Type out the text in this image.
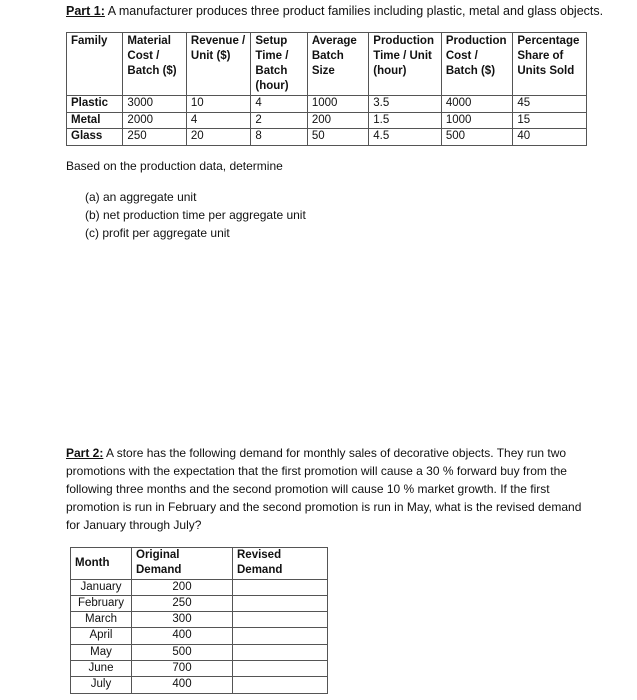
Part 1: A manufacturer produces three product families including plastic, metal and glass objects.
Family	Material Cost / Batch ($)	Revenue / Unit ($)	Setup Time / Batch (hour)	Average Batch Size	Production Time / Unit (hour)	Production Cost / Batch ($)	Percentage Share of Units Sold
Plastic	3000	10	4	1000	3.5	4000	45
Metal	2000	4	2	200	1.5	1000	15
Glass	250	20	8	50	4.5	500	40
Based on the production data, determine
(a) an aggregate unit
(b) net production time per aggregate unit
(c) profit per aggregate unit
Part 2: A store has the following demand for monthly sales of decorative objects. They run two promotions with the expectation that the first promotion will cause a 30 % forward buy from the following three months and the second promotion will cause 10 % market growth. If the first promotion is run in February and the second promotion is run in May, what is the revised demand for January through July?
Month	Original Demand	Revised Demand
January	200	
February	250	
March	300	
April	400	
May	500	
June	700	
July	400	
